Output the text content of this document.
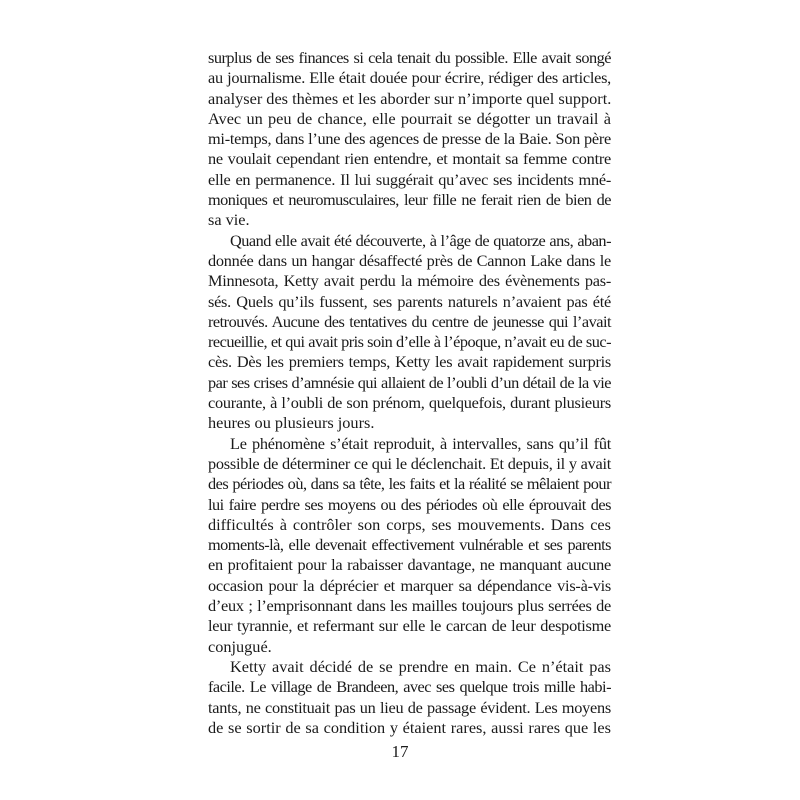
surplus de ses finances si cela tenait du possible. Elle avait songé
au journalisme. Elle était douée pour écrire, rédiger des articles,
analyser des thèmes et les aborder sur n’importe quel support.
Avec un peu de chance, elle pourrait se dégotter un travail à
mi-temps, dans l’une des agences de presse de la Baie. Son père
ne voulait cependant rien entendre, et montait sa femme contre
elle en permanence. Il lui suggérait qu’avec ses incidents mné-
moniques et neuromusculaires, leur fille ne ferait rien de bien de
sa vie.
Quand elle avait été découverte, à l’âge de quatorze ans, aban-
donnée dans un hangar désaffecté près de Cannon Lake dans le
Minnesota, Ketty avait perdu la mémoire des évènements pas-
sés. Quels qu’ils fussent, ses parents naturels n’avaient pas été
retrouvés. Aucune des tentatives du centre de jeunesse qui l’avait
recueillie, et qui avait pris soin d’elle à l’époque, n’avait eu de suc-
cès. Dès les premiers temps, Ketty les avait rapidement surpris
par ses crises d’amnésie qui allaient de l’oubli d’un détail de la vie
courante, à l’oubli de son prénom, quelquefois, durant plusieurs
heures ou plusieurs jours.
Le phénomène s’était reproduit, à intervalles, sans qu’il fût
possible de déterminer ce qui le déclenchait. Et depuis, il y avait
des périodes où, dans sa tête, les faits et la réalité se mêlaient pour
lui faire perdre ses moyens ou des périodes où elle éprouvait des
difficultés à contrôler son corps, ses mouvements. Dans ces
moments-là, elle devenait effectivement vulnérable et ses parents
en profitaient pour la rabaisser davantage, ne manquant aucune
occasion pour la déprécier et marquer sa dépendance vis-à-vis
d’eux ; l’emprisonnant dans les mailles toujours plus serrées de
leur tyrannie, et refermant sur elle le carcan de leur despotisme
conjugué.
Ketty avait décidé de se prendre en main. Ce n’était pas
facile. Le village de Brandeen, avec ses quelque trois mille habi-
tants, ne constituait pas un lieu de passage évident. Les moyens
de se sortir de sa condition y étaient rares, aussi rares que les
17
